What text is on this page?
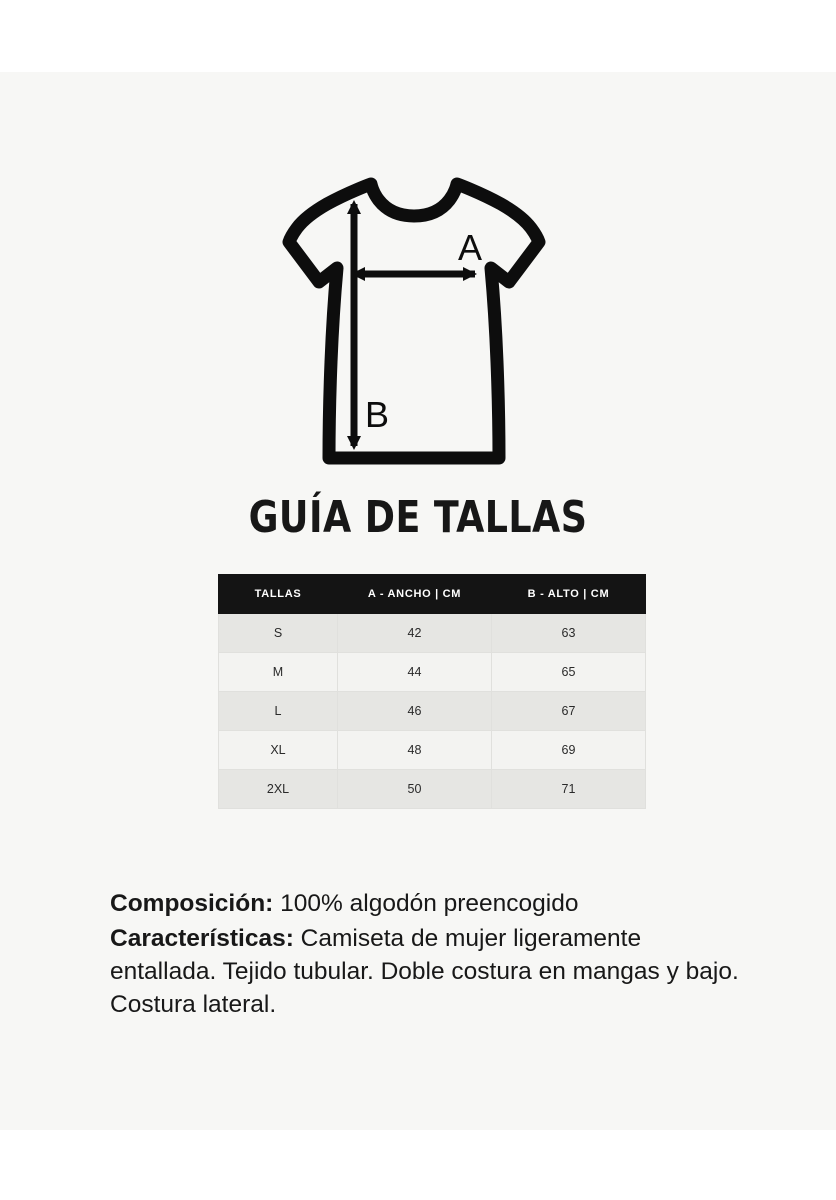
A
B
GUÍA DE TALLAS
TALLAS	A - ANCHO | CM	B - ALTO | CM
S	42	63
M	44	65
L	46	67
XL	48	69
2XL	50	71

Composición: 100% algodón preencogido

Características: Camiseta de mujer ligeramente entallada. Tejido tubular. Doble costura en mangas y bajo. Costura lateral.
